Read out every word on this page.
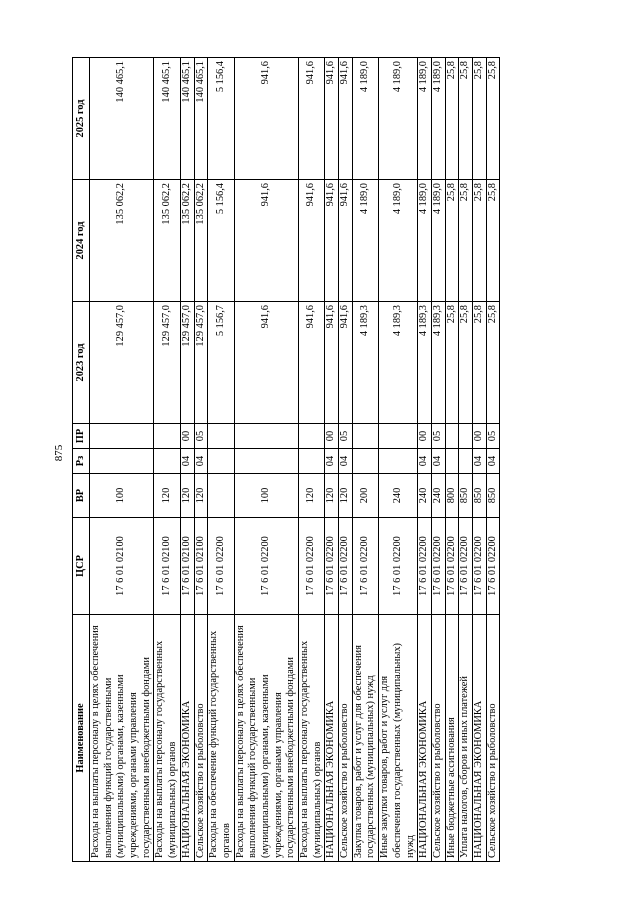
875
Наименование	ЦСР	ВР	Рз	ПР	2023 год	2024 год	2025 год
Расходы на выплаты персоналу в целях обеспечения выполнения функций государственными (муниципальными) органами, казенными учреждениями, органами управления государственными внебюджетными фондами	17 6 01 02100	100			129 457,0	135 062,2	140 465,1
Расходы на выплаты персоналу государственных (муниципальных) органов	17 6 01 02100	120			129 457,0	135 062,2	140 465,1
НАЦИОНАЛЬНАЯ ЭКОНОМИКА	17 6 01 02100	120	04	00	129 457,0	135 062,2	140 465,1
Сельское хозяйство и рыболовство	17 6 01 02100	120	04	05	129 457,0	135 062,2	140 465,1
Расходы на обеспечение функций государственных органов	17 6 01 02200				5 156,7	5 156,4	5 156,4
Расходы на выплаты персоналу в целях обеспечения выполнения функций государственными (муниципальными) органами, казенными учреждениями, органами управления государственными внебюджетными фондами	17 6 01 02200	100			941,6	941,6	941,6
Расходы на выплаты персоналу государственных (муниципальных) органов	17 6 01 02200	120			941,6	941,6	941,6
НАЦИОНАЛЬНАЯ ЭКОНОМИКА	17 6 01 02200	120	04	00	941,6	941,6	941,6
Сельское хозяйство и рыболовство	17 6 01 02200	120	04	05	941,6	941,6	941,6
Закупка товаров, работ и услуг для обеспечения государственных (муниципальных) нужд	17 6 01 02200	200			4 189,3	4 189,0	4 189,0
Иные закупки товаров, работ и услуг для обеспечения государственных (муниципальных) нужд	17 6 01 02200	240			4 189,3	4 189,0	4 189,0
НАЦИОНАЛЬНАЯ ЭКОНОМИКА	17 6 01 02200	240	04	00	4 189,3	4 189,0	4 189,0
Сельское хозяйство и рыболовство	17 6 01 02200	240	04	05	4 189,3	4 189,0	4 189,0
Иные бюджетные ассигнования	17 6 01 02200	800			25,8	25,8	25,8
Уплата налогов, сборов и иных платежей	17 6 01 02200	850			25,8	25,8	25,8
НАЦИОНАЛЬНАЯ ЭКОНОМИКА	17 6 01 02200	850	04	00	25,8	25,8	25,8
Сельское хозяйство и рыболовство	17 6 01 02200	850	04	05	25,8	25,8	25,8
